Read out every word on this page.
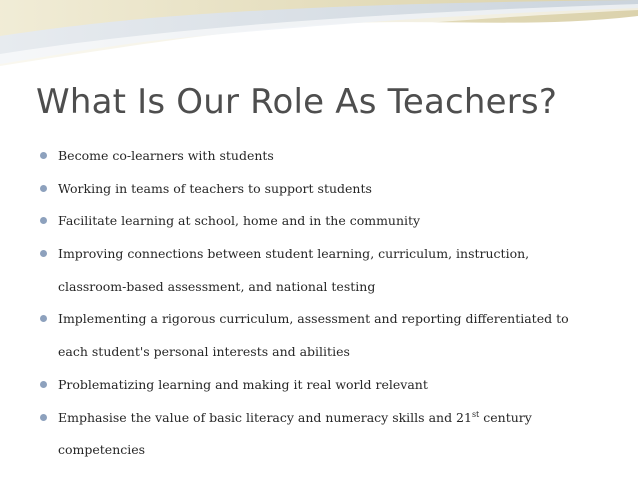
What Is Our Role As Teachers?
Become co-learners with students
Working in teams of teachers to support students
Facilitate learning at school, home and in the community
Improving connections between student learning, curriculum, instruction,
classroom-based assessment, and national testing
Implementing a rigorous curriculum, assessment and reporting differentiated to
each student's personal interests and abilities
Problematizing learning and making it real world relevant
Emphasise the value of basic literacy and numeracy skills and 21st century
competencies
